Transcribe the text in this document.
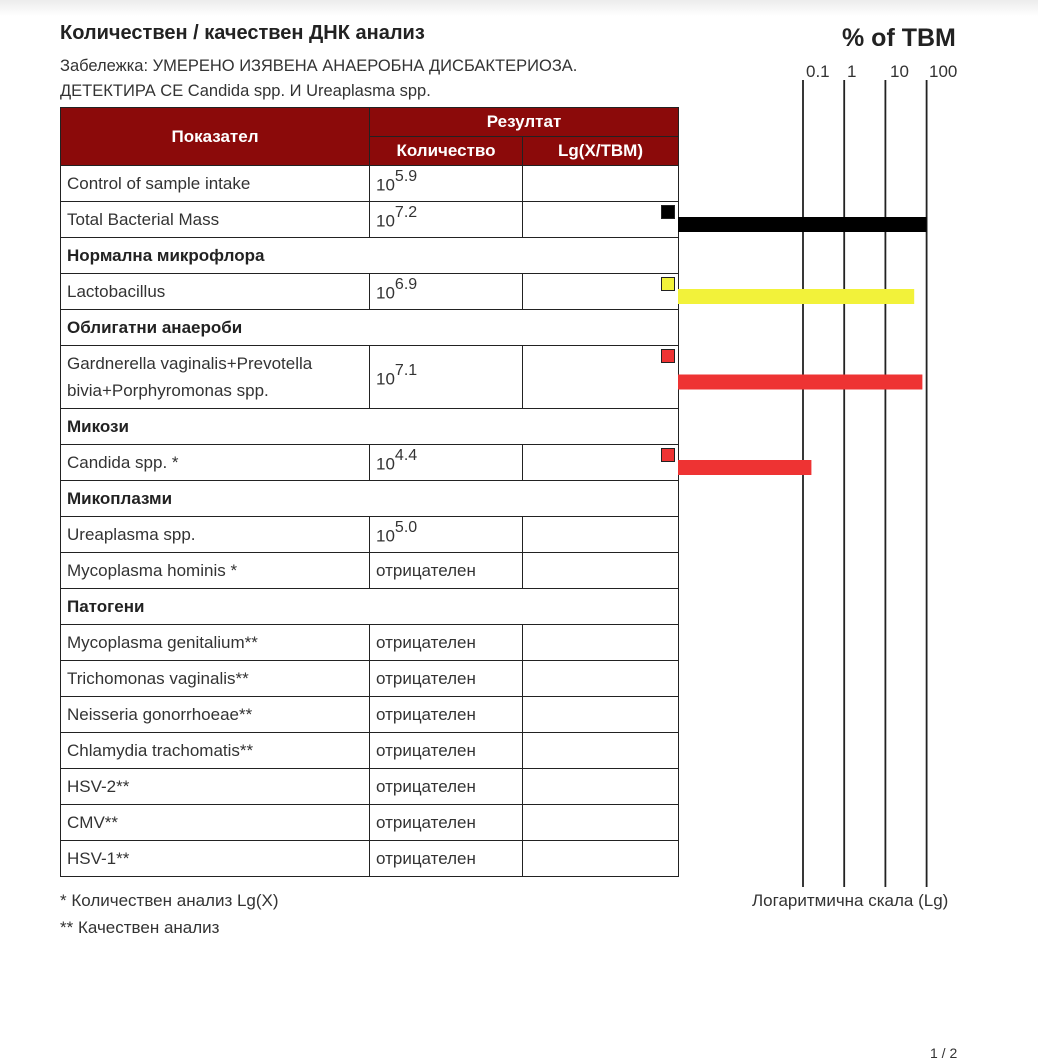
Количествен / качествен ДНК анализ
Забележка: УМЕРЕНО ИЗЯВЕНА АНАЕРОБНА ДИСБАКТЕРИОЗА.
ДЕТЕКТИРА СЕ Candida spp. И Ureaplasma spp.
% of TBM
0.1 1 10 100
Показател	Резултат	
	Количество	Lg(X/TBM)
Control of sample intake	$10^{5.9}$	
Total Bacterial Mass	$10^{7.2}$	

Нормална микрофлора		
Lactobacillus	$10^{6.9}$	

Облигатни анаероби		
Gardnerella vaginalis+Prevotella
bivia+Porphyromonas spp.	$10^{7.1}$	

Микози		
Candida spp. *	$10^{4.4}$	

Микоплазми		
Ureaplasma spp.	$10^{5.0}$	
Mycoplasma hominis *	отрицателен	
Патогени		
Mycoplasma genitalium**	отрицателен	
Trichomonas vaginalis**	отрицателен	
Neisseria gonorrhoeae**	отрицателен	
Chlamydia trachomatis**	отрицателен	
HSV-2**	отрицателен	
CMV**	отрицателен	
HSV-1**	отрицателен	
* Количествен анализ Lg(X)
** Качествен анализ
Логаритмична скала (Lg)
1 / 2
